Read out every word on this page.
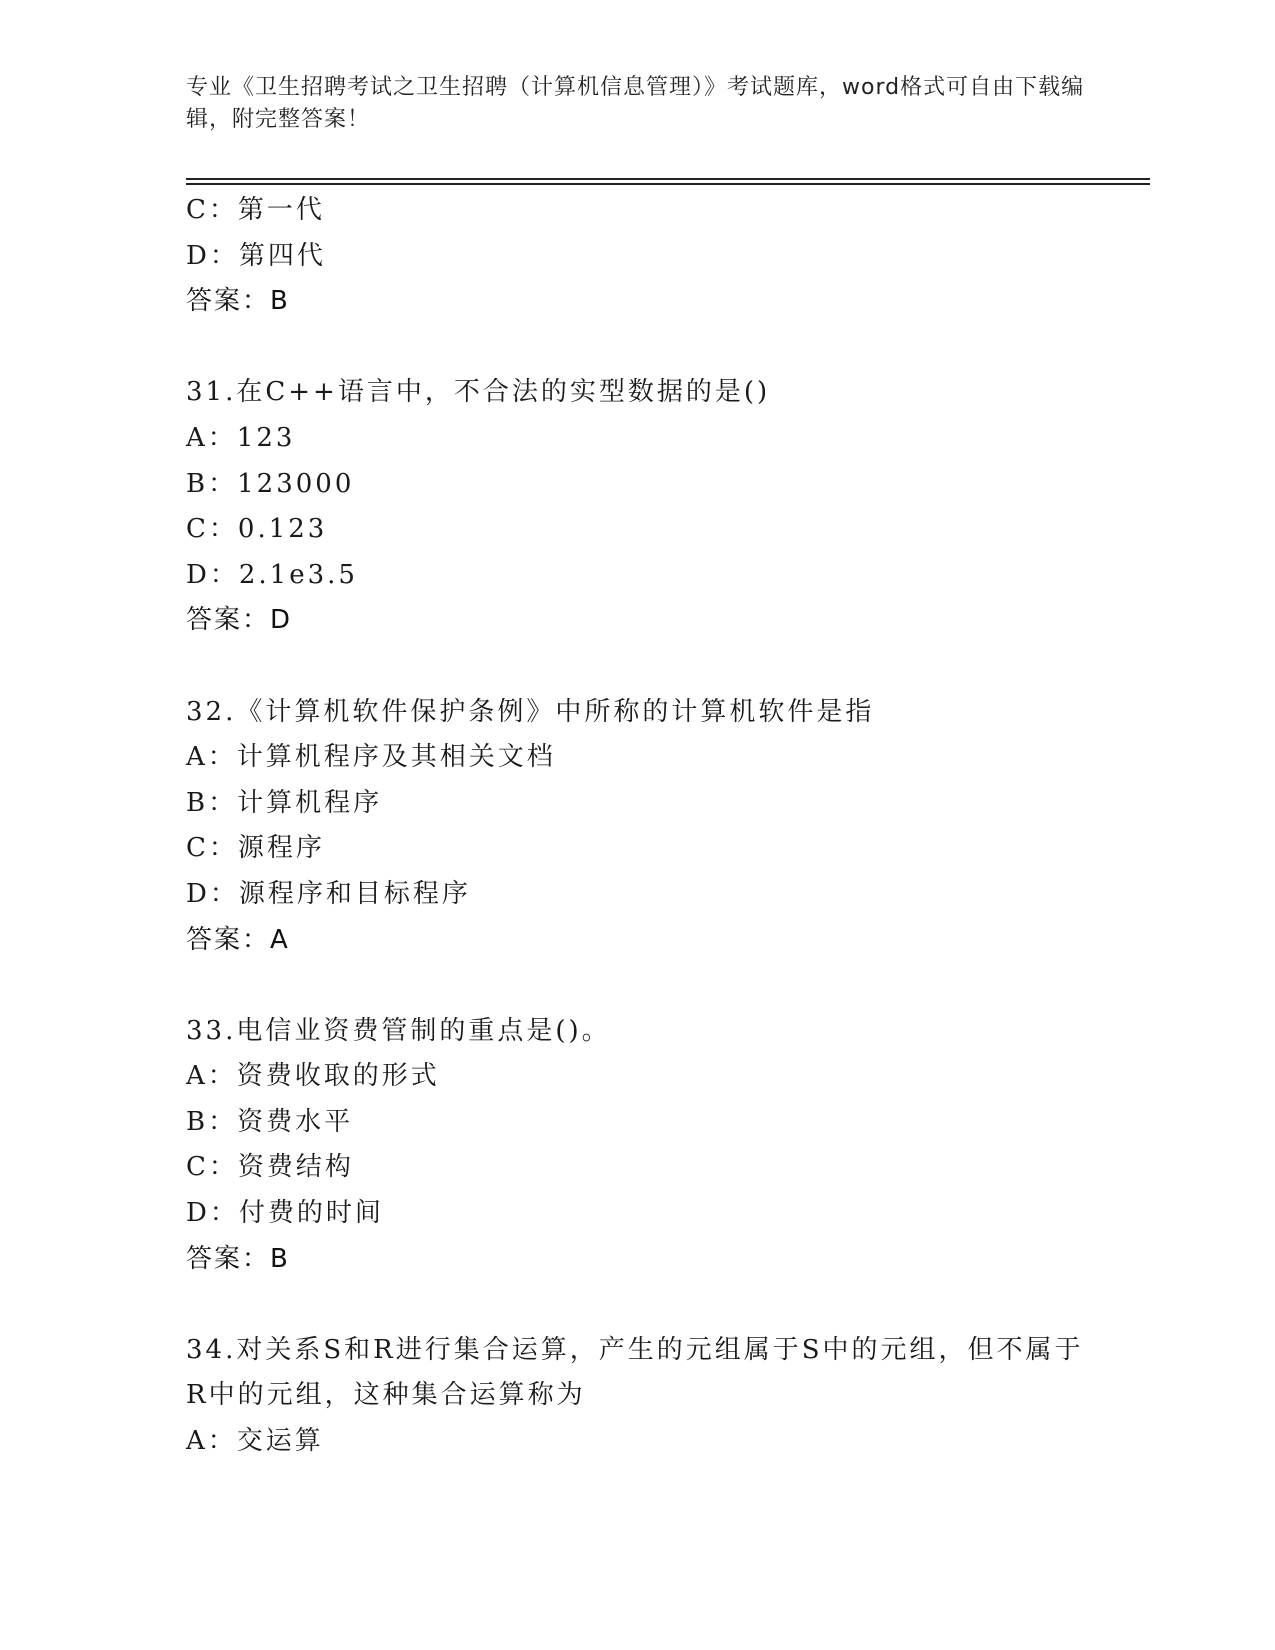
专业《卫生招聘考试之卫生招聘（计算机信息管理）》考试题库，word格式可自由下载编辑，附完整答案！
C：第一代
D：第四代
答案：B
31.在C++语言中，不合法的实型数据的是()
A：123
B：123000
C：0.123
D：2.1e3.5
答案：D
32.《计算机软件保护条例》中所称的计算机软件是指
A：计算机程序及其相关文档
B：计算机程序
C：源程序
D：源程序和目标程序
答案：A
33.电信业资费管制的重点是()。
A：资费收取的形式
B：资费水平
C：资费结构
D：付费的时间
答案：B
34.对关系S和R进行集合运算，产生的元组属于S中的元组，但不属于R中的元组，这种集合运算称为
A：交运算
